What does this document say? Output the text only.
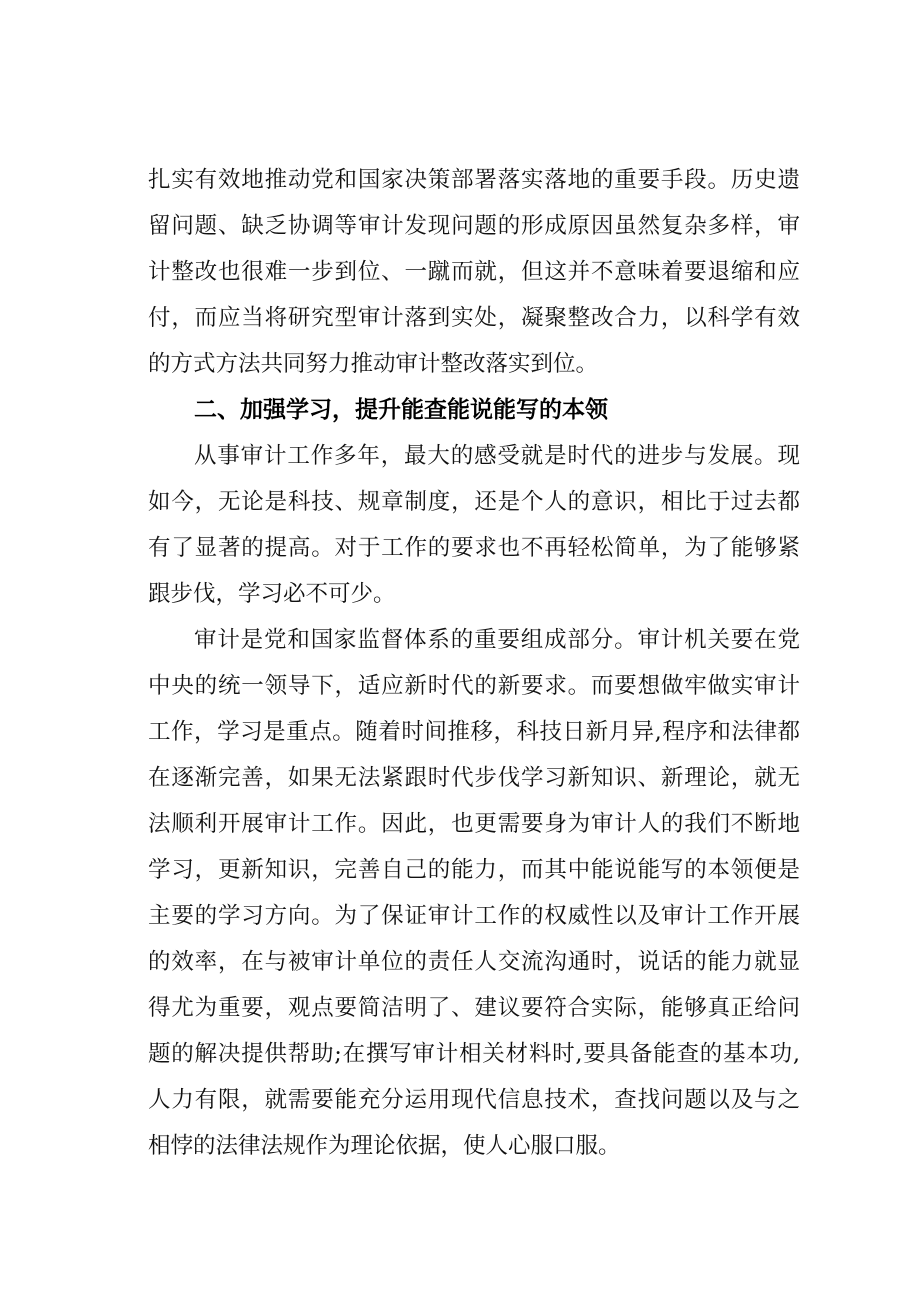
扎实有效地推动党和国家决策部署落实落地的重要手段。历史遗
留问题、缺乏协调等审计发现问题的形成原因虽然复杂多样，审
计整改也很难一步到位、一蹴而就，但这并不意味着要退缩和应
付，而应当将研究型审计落到实处，凝聚整改合力，以科学有效
的方式方法共同努力推动审计整改落实到位。
二、加强学习，提升能查能说能写的本领
从事审计工作多年，最大的感受就是时代的进步与发展。现
如今，无论是科技、规章制度，还是个人的意识，相比于过去都
有了显著的提高。对于工作的要求也不再轻松简单，为了能够紧
跟步伐，学习必不可少。
审计是党和国家监督体系的重要组成部分。审计机关要在党
中央的统一领导下，适应新时代的新要求。而要想做牢做实审计
工作，学习是重点。随着时间推移，科技日新月异,程序和法律都
在逐渐完善，如果无法紧跟时代步伐学习新知识、新理论，就无
法顺利开展审计工作。因此，也更需要身为审计人的我们不断地
学习，更新知识，完善自己的能力，而其中能说能写的本领便是
主要的学习方向。为了保证审计工作的权威性以及审计工作开展
的效率，在与被审计单位的责任人交流沟通时，说话的能力就显
得尤为重要，观点要简洁明了、建议要符合实际，能够真正给问
题的解决提供帮助;在撰写审计相关材料时,要具备能查的基本功,
人力有限，就需要能充分运用现代信息技术，查找问题以及与之
相悖的法律法规作为理论依据，使人心服口服。
